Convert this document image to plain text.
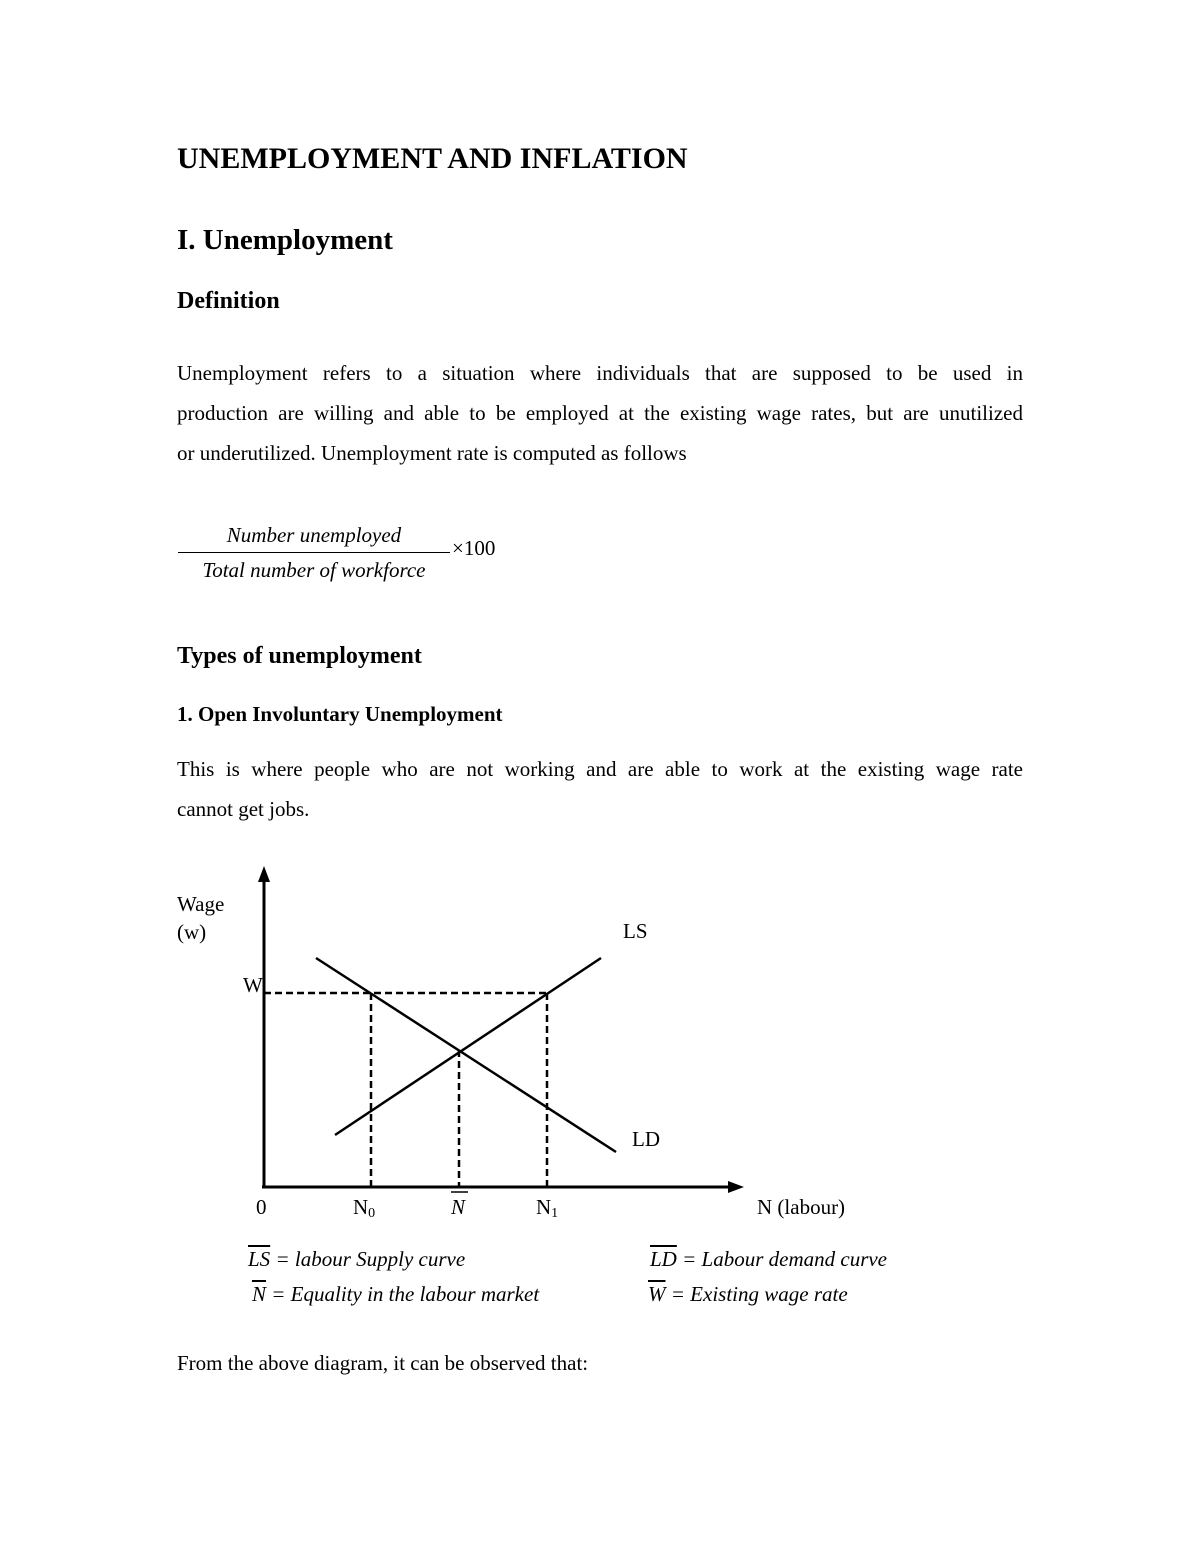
UNEMPLOYMENT AND INFLATION
I. Unemployment
Definition
Unemployment refers to a situation where individuals that are supposed to be used in
production are willing and able to be employed at the existing wage rates, but are unutilized
or underutilized. Unemployment rate is computed as follows
Number unemployed
Total number of workforce
×100
Types of unemployment
1. Open Involuntary Unemployment
This is where people who are not working and are able to work at the existing wage rate
cannot get jobs.
Wage
(w)
W
LS
LD
0	N0	N	N1	N (labour)
$\overline{LS}$ = labour Supply curve	$\overline{LD}$ = Labour demand curve
$\overline{N}$ = Equality in the labour market	$\overline{W}$ = Existing wage rate
From the above diagram, it can be observed that:
